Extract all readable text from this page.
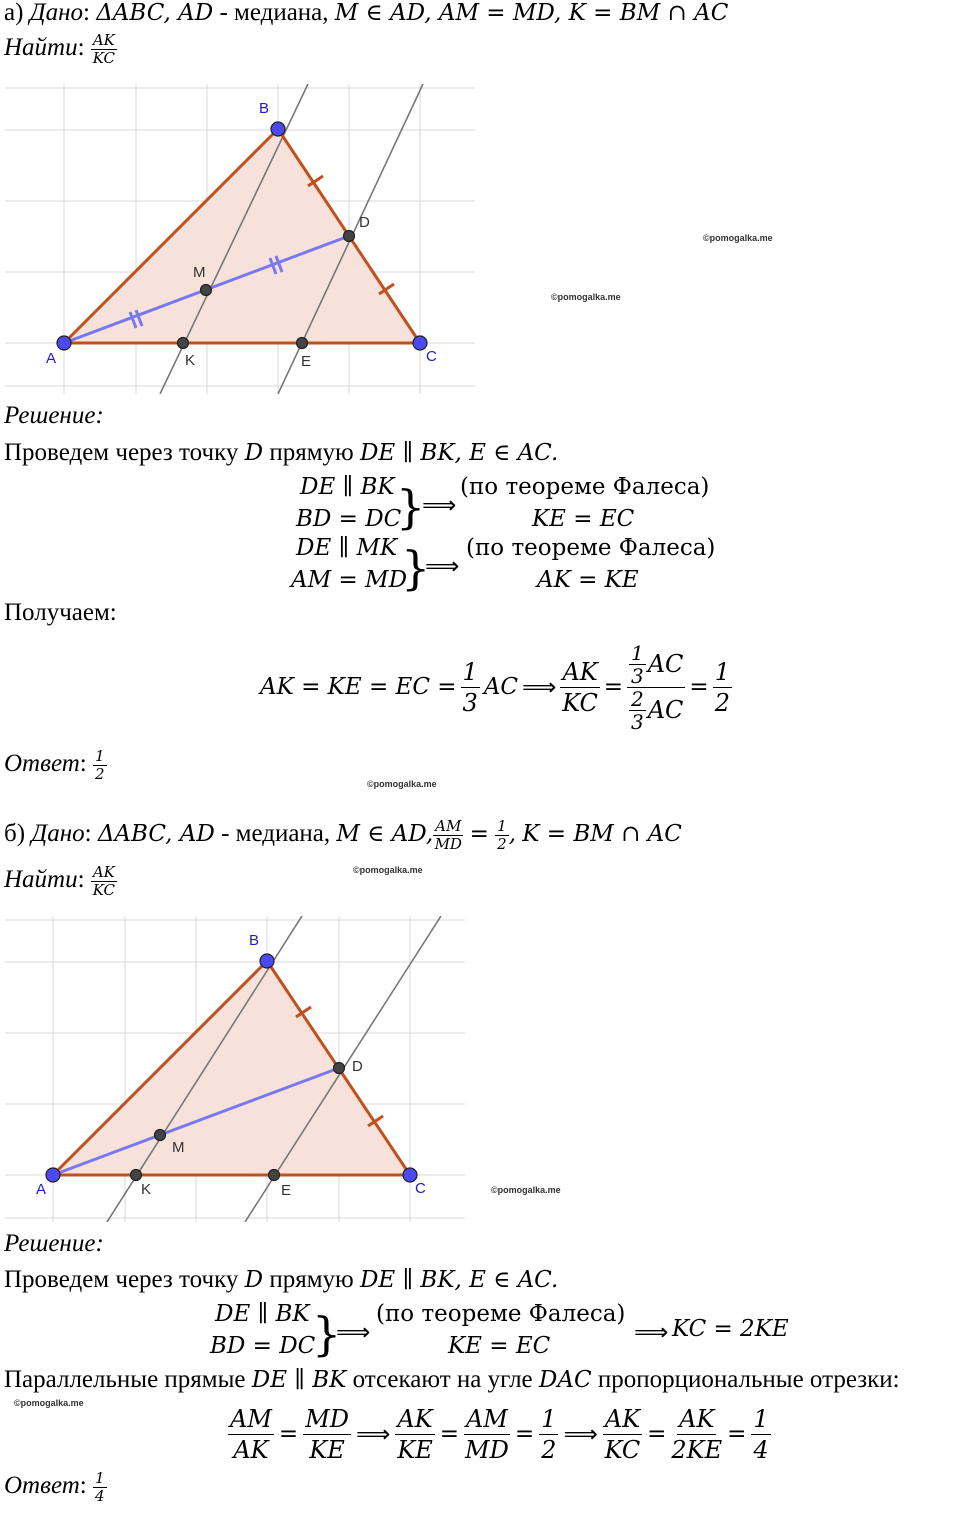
а) Дано: ΔABC, AD - медиана, M ∈ AD, AM = MD, K = BM ∩ AC
Найти: $\frac{AK}{KC}$
A
B
C
D
M
K	E
©pomogalka.me
©pomogalka.me
Решение:
Проведем через точку D прямую DE ∥ BK, E ∈ AC.
DE ∥ BK
BD = DC
}
⟹
(по теореме Фалеса)
KE = EC
DE ∥ MK
AM = MD
}
⟹
(по теореме Фалеса)
AK = KE
Получаем:
AK = KE = EC = $\frac{1}{3}$ AC ⟹ $\frac{AK}{KC} = \frac{\frac{1}{3} AC}{\frac{2}{3} AC} = \frac{1}{2}$
Ответ: $\frac{1}{2}$
©pomogalka.me
б) Дано: ΔABC, AD - медиана, M ∈ AD, $\frac{AM}{MD} = \frac{1}{2}$ , K = BM ∩ AC
©pomogalka.me
Найти: $\frac{AK}{KC}$
A
B
C
D
M
K	E	©pomogalka.me
Решение:
Проведем через точку D прямую DE ∥ BK, E ∈ AC.
DE ∥ BK
BD = DC
}
⟹
(по теореме Фалеса)
KE = EC	⟹ KC = 2KE
Параллельные прямые DE ∥ BK отсекают на угле DAC пропорциональные отрезки:
©pomogalka.me
$\frac{AM}{AK} = \frac{MD}{KE}$ ⟹ $\frac{AK}{KE} = \frac{AM}{MD} = \frac{1}{2}$ ⟹ $\frac{AK}{KC} = \frac{AK}{2KE} = \frac{1}{4}$
Ответ: $\frac{1}{4}$
